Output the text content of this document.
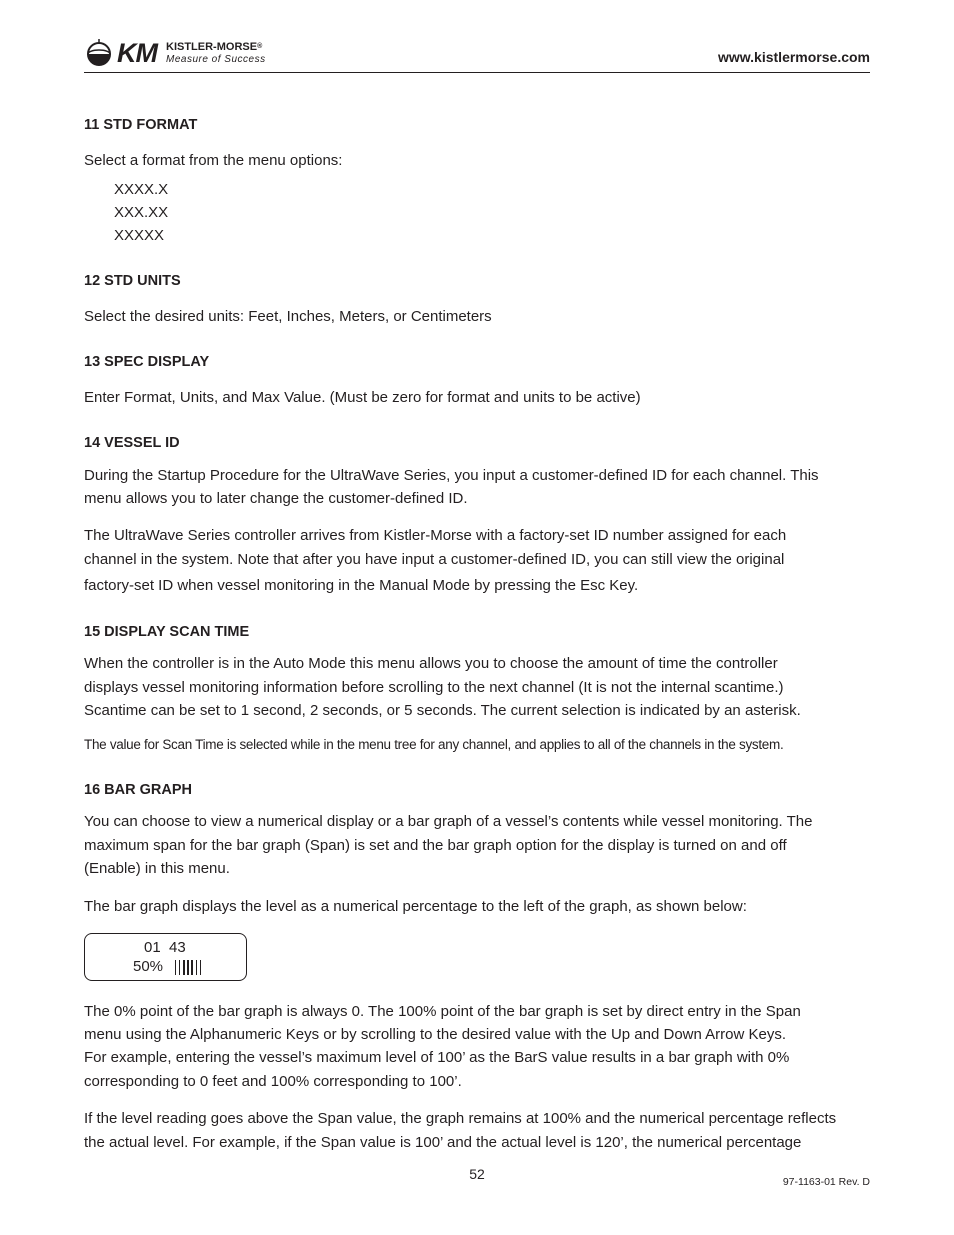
KM KISTLER-MORSE®
Measure of Success	www.kistlermorse.com
11 STD FORMAT

Select a format from the menu options:

XXXX.X

XXX.XX

XXXXX

12 STD UNITS

Select the desired units: Feet, Inches, Meters, or Centimeters

13 SPEC DISPLAY

Enter Format, Units, and Max Value. (Must be zero for format and units to be active)

14 VESSEL ID

During the Startup Procedure for the UltraWave Series, you input a customer-defined ID for each channel. This

menu allows you to later change the customer-defined ID.

The UltraWave Series controller arrives from Kistler-Morse with a factory-set ID number assigned for each

channel in the system. Note that after you have input a customer-defined ID, you can still view the original

factory-set ID when vessel monitoring in the Manual Mode by pressing the Esc Key.

15 DISPLAY SCAN TIME

When the controller is in the Auto Mode this menu allows you to choose the amount of time the controller

displays vessel monitoring information before scrolling to the next channel (It is not the internal scantime.)

Scantime can be set to 1 second, 2 seconds, or 5 seconds. The current selection is indicated by an asterisk.

The value for Scan Time is selected while in the menu tree for any channel, and applies to all of the channels in the system.

16 BAR GRAPH

You can choose to view a numerical display or a bar graph of a vessel’s contents while vessel monitoring. The

maximum span for the bar graph (Span) is set and the bar graph option for the display is turned on and off

(Enable) in this menu.

The bar graph displays the level as a numerical percentage to the left of the graph, as shown below:

The 0% point of the bar graph is always 0. The 100% point of the bar graph is set by direct entry in the Span

menu using the Alphanumeric Keys or by scrolling to the desired value with the Up and Down Arrow Keys.

For example, entering the vessel’s maximum level of 100’ as the BarS value results in a bar graph with 0%

corresponding to 0 feet and 100% corresponding to 100’.

If the level reading goes above the Span value, the graph remains at 100% and the numerical percentage reflects

the actual level. For example, if the Span value is 100’ and the actual level is 120’, the numerical percentage

01 43
50%
52	97-1163-01 Rev. D
